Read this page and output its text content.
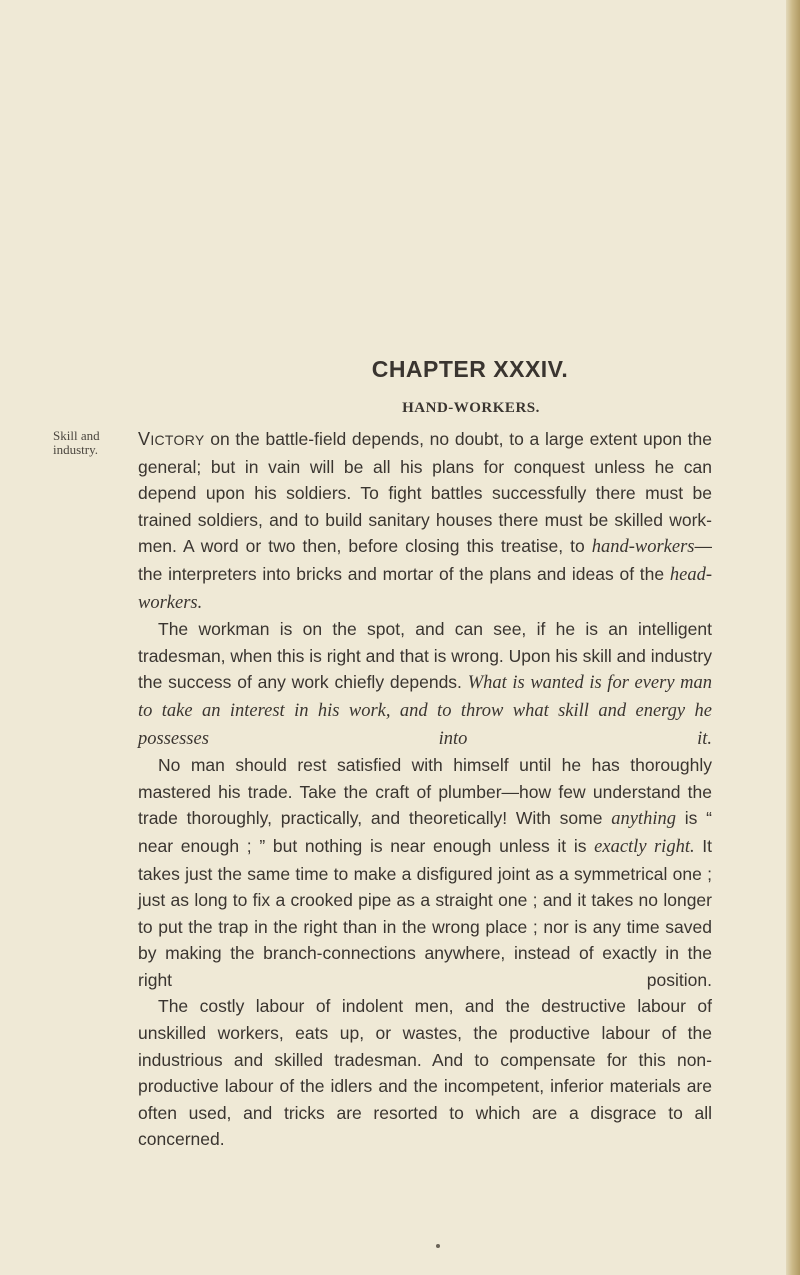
CHAPTER XXXIV.
HAND-WORKERS.
Skill and
industry.

VICTORY on the battle-field depends, no doubt, to a large extent upon the general; but in vain will be all his plans for conquest unless he can depend upon his soldiers. To fight battles successfully there must be trained soldiers, and to build sanitary houses there must be skilled work-men. A word or two then, before closing this treatise, to hand-workers—the interpreters into bricks and mortar of the plans and ideas of the head-workers.

The workman is on the spot, and can see, if he is an intelligent tradesman, when this is right and that is wrong. Upon his skill and industry the success of any work chiefly depends. What is wanted is for every man to take an interest in his work, and to throw what skill and energy he possesses into it.

No man should rest satisfied with himself until he has thoroughly mastered his trade. Take the craft of plumber—how few understand the trade thoroughly, practically, and theoretically! With some anything is “ near enough ; ” but nothing is near enough unless it is exactly right. It takes just the same time to make a disfigured joint as a symmetrical one ; just as long to fix a crooked pipe as a straight one ; and it takes no longer to put the trap in the right than in the wrong place ; nor is any time saved by making the branch-connections anywhere, instead of exactly in the right position.

The costly labour of indolent men, and the destructive labour of unskilled workers, eats up, or wastes, the productive labour of the industrious and skilled tradesman. And to compensate for this non-productive labour of the idlers and the incompetent, inferior materials are often used, and tricks are resorted to which are a disgrace to all concerned.
